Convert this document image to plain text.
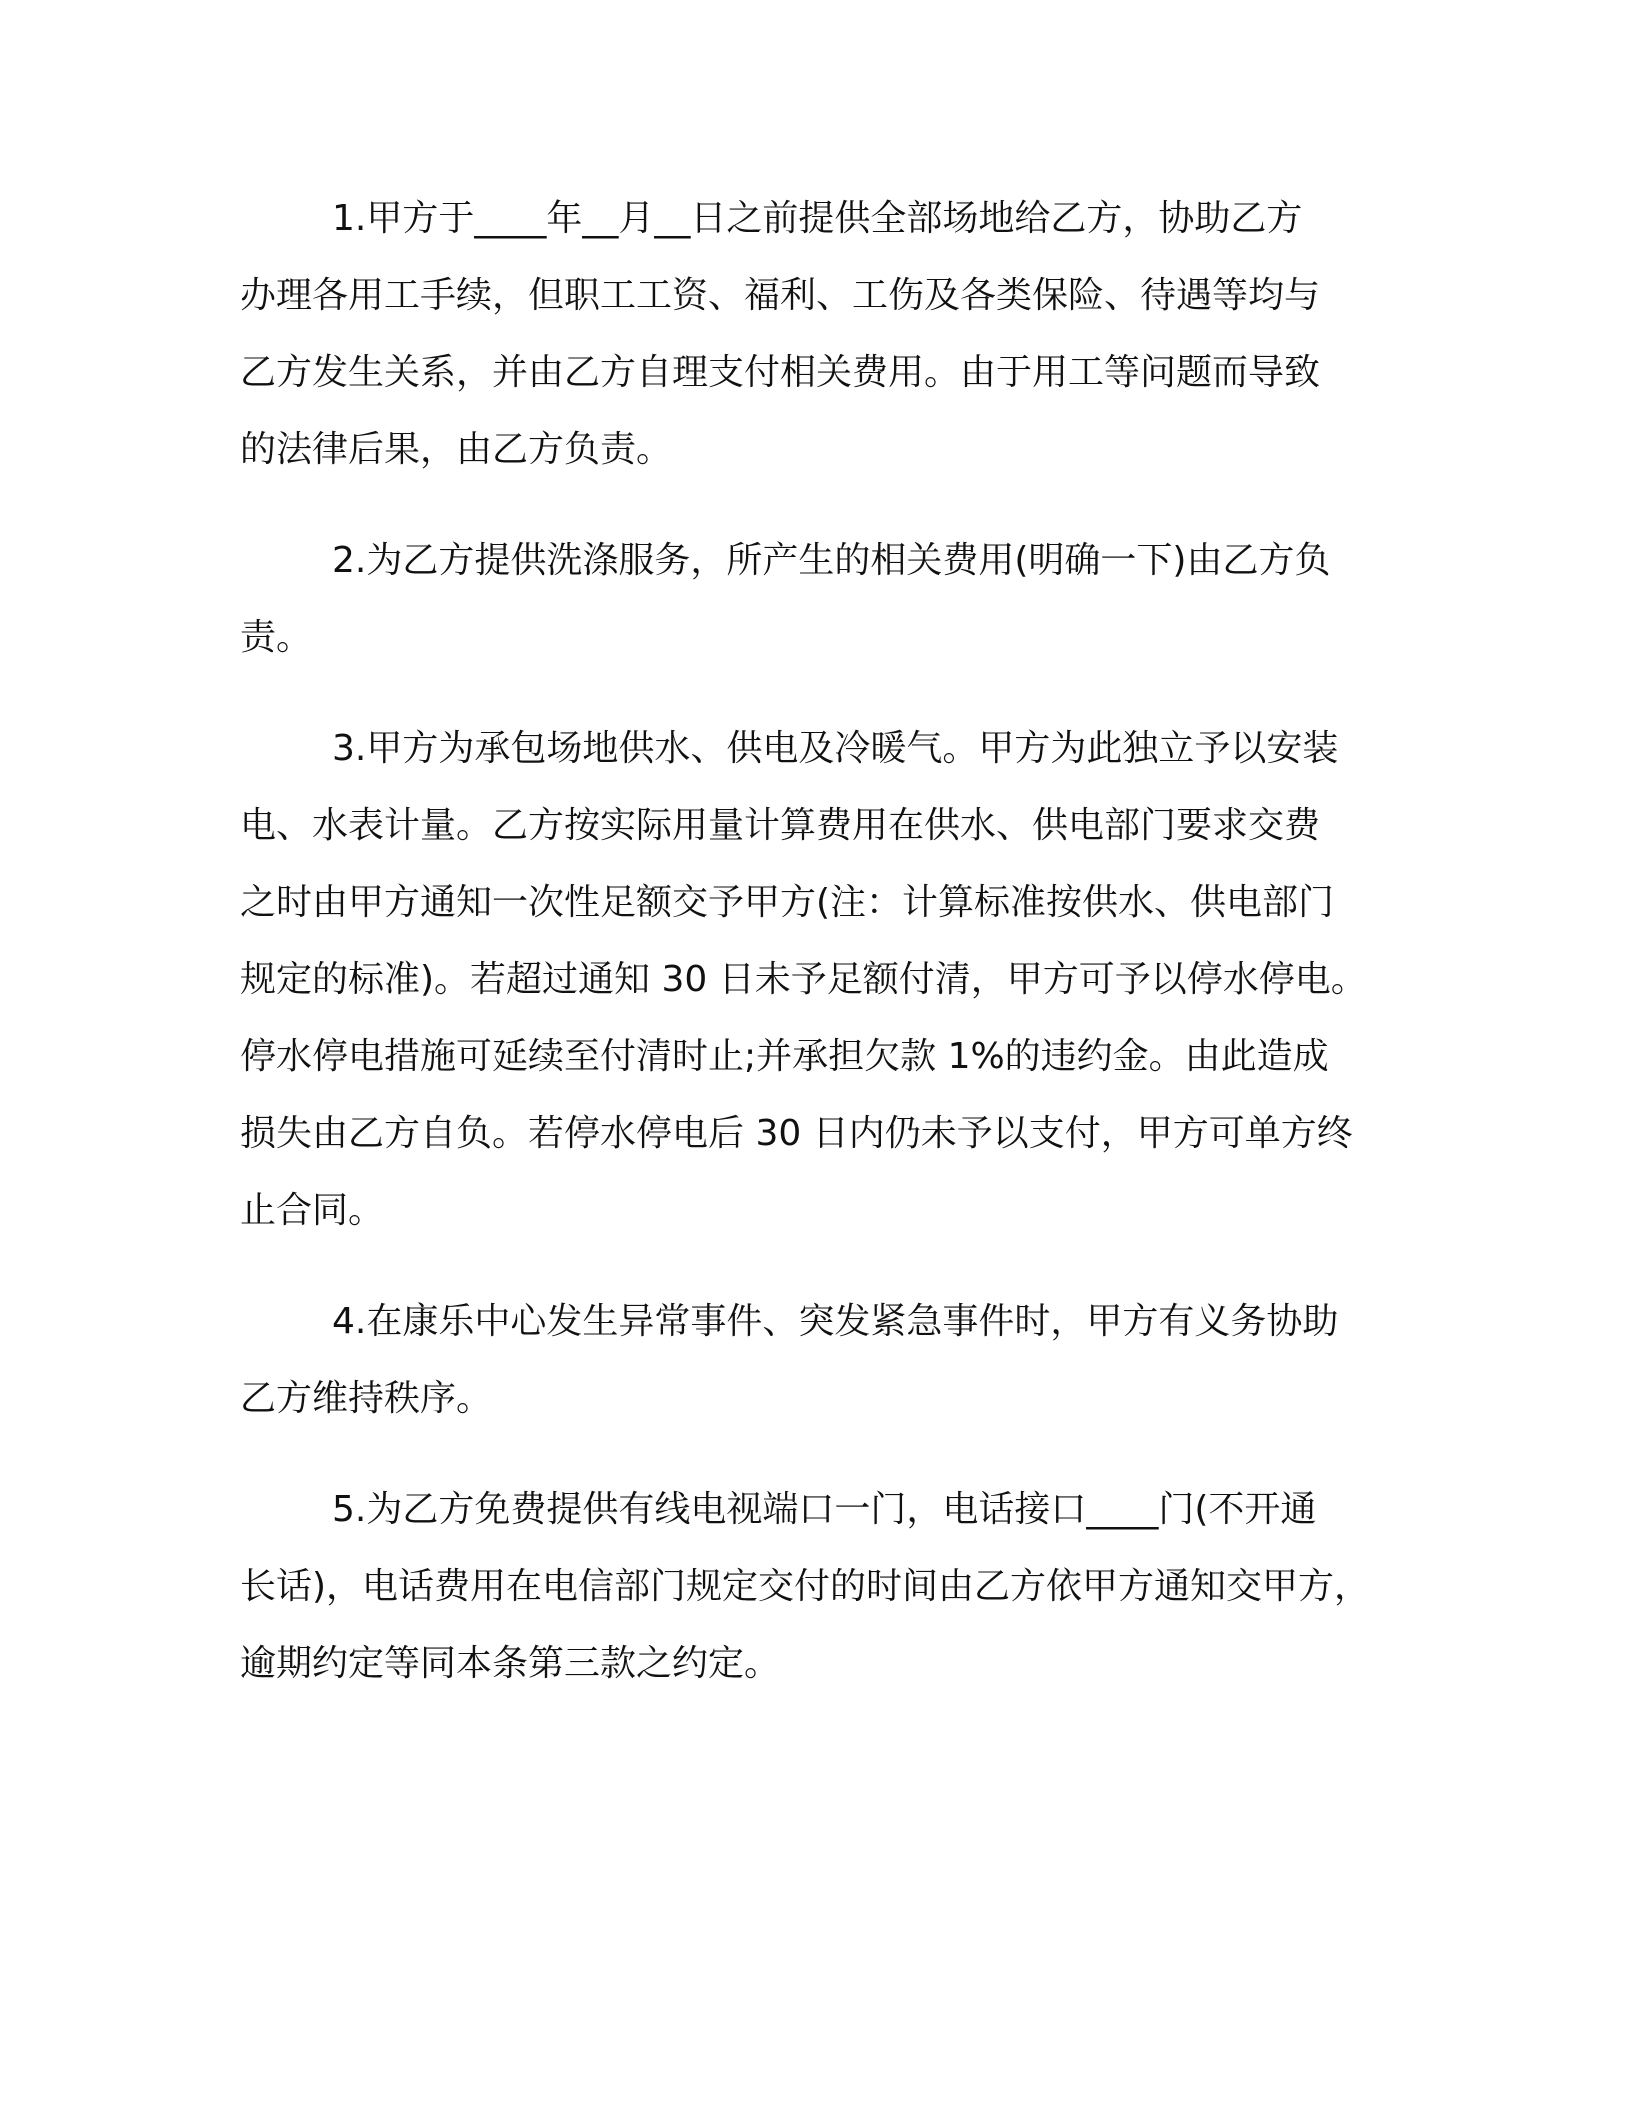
1.甲方于____年__月__日之前提供全部场地给乙方，协助乙方
办理各用工手续，但职工工资、福利、工伤及各类保险、待遇等均与
乙方发生关系，并由乙方自理支付相关费用。由于用工等问题而导致
的法律后果，由乙方负责。

2.为乙方提供洗涤服务，所产生的相关费用(明确一下)由乙方负
责。

3.甲方为承包场地供水、供电及冷暖气。甲方为此独立予以安装
电、水表计量。乙方按实际用量计算费用在供水、供电部门要求交费
之时由甲方通知一次性足额交予甲方(注：计算标准按供水、供电部门
规定的标准)。若超过通知 30 日未予足额付清，甲方可予以停水停电。
停水停电措施可延续至付清时止;并承担欠款 1%的违约金。由此造成
损失由乙方自负。若停水停电后 30 日内仍未予以支付，甲方可单方终
止合同。

4.在康乐中心发生异常事件、突发紧急事件时，甲方有义务协助
乙方维持秩序。

5.为乙方免费提供有线电视端口一门，电话接口____门(不开通
长话)，电话费用在电信部门规定交付的时间由乙方依甲方通知交甲方，
逾期约定等同本条第三款之约定。
